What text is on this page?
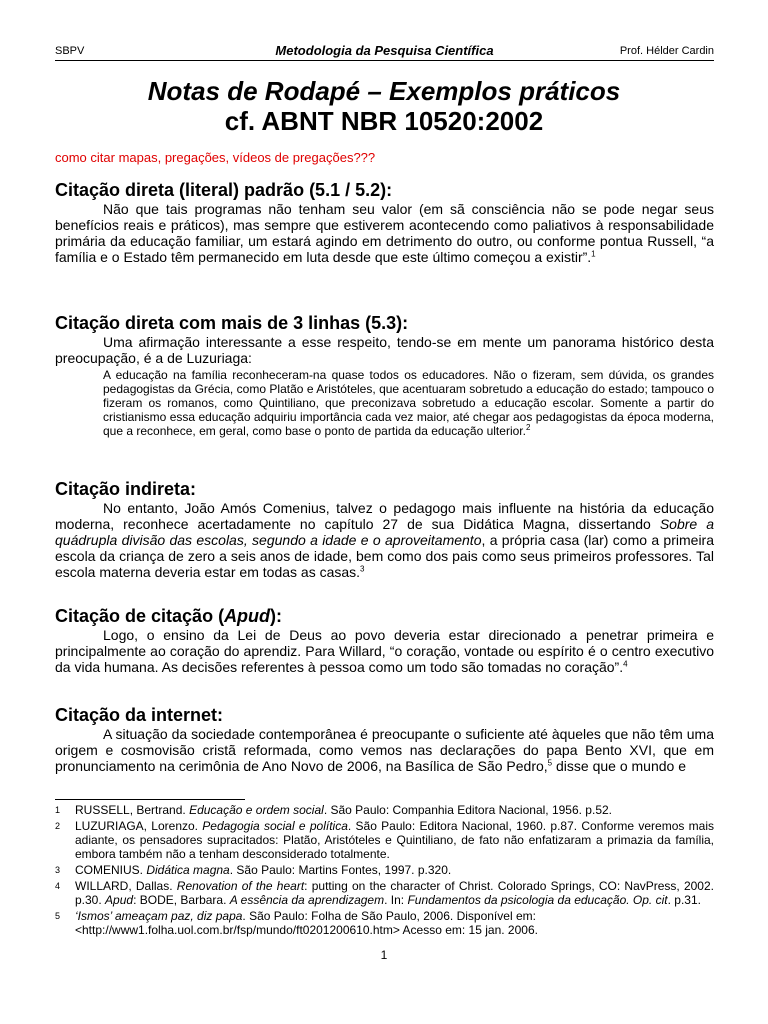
SBPV	Metodologia da Pesquisa Científica	Prof. Hélder Cardin
Notas de Rodapé – Exemplos práticos
cf. ABNT NBR 10520:2002
como citar mapas, pregações, vídeos de pregações???
Citação direta (literal) padrão (5.1 / 5.2):

Não que tais programas não tenham seu valor (em sã consciência não se pode negar seus benefícios reais e práticos), mas sempre que estiverem acontecendo como paliativos à responsabilidade primária da educação familiar, um estará agindo em detrimento do outro, ou conforme pontua Russell, “a família e o Estado têm permanecido em luta desde que este último começou a existir”.$^1$

Citação direta com mais de 3 linhas (5.3):

Uma afirmação interessante a esse respeito, tendo-se em mente um panorama histórico desta preocupação, é a de Luzuriaga:

A educação na família reconheceram-na quase todos os educadores. Não o fizeram, sem dúvida, os grandes pedagogistas da Grécia, como Platão e Aristóteles, que acentuaram sobretudo a educação do estado; tampouco o fizeram os romanos, como Quintiliano, que preconizava sobretudo a educação escolar. Somente a partir do cristianismo essa educação adquiriu importância cada vez maior, até chegar aos pedagogistas da época moderna, que a reconhece, em geral, como base o ponto de partida da educação ulterior.$^2$

Citação indireta:

No entanto, João Amós Comenius, talvez o pedagogo mais influente na história da educação moderna, reconhece acertadamente no capítulo 27 de sua Didática Magna, dissertando Sobre a quádrupla divisão das escolas, segundo a idade e o aproveitamento, a própria casa (lar) como a primeira escola da criança de zero a seis anos de idade, bem como dos pais como seus primeiros professores. Tal escola materna deveria estar em todas as casas.$^3$

Citação de citação (Apud):

Logo, o ensino da Lei de Deus ao povo deveria estar direcionado a penetrar primeira e principalmente ao coração do aprendiz. Para Willard, “o coração, vontade ou espírito é o centro executivo da vida humana. As decisões referentes à pessoa como um todo são tomadas no coração”.$^4$

Citação da internet:

A situação da sociedade contemporânea é preocupante o suficiente até àqueles que não têm uma origem e cosmovisão cristã reformada, como vemos nas declarações do papa Bento XVI, que em pronunciamento na cerimônia de Ano Novo de 2006, na Basílica de São Pedro,$^5$ disse que o mundo e

1	RUSSELL, Bertrand. Educação e ordem social. São Paulo: Companhia Editora Nacional, 1956. p.52.
2	LUZURIAGA, Lorenzo. Pedagogia social e política. São Paulo: Editora Nacional, 1960. p.87. Conforme veremos mais adiante, os pensadores supracitados: Platão, Aristóteles e Quintiliano, de fato não enfatizaram a primazia da família, embora também não a tenham desconsiderado totalmente.
3	COMENIUS. Didática magna. São Paulo: Martins Fontes, 1997. p.320.
4	WILLARD, Dallas. Renovation of the heart: putting on the character of Christ. Colorado Springs, CO: NavPress, 2002. p.30. Apud: BODE, Barbara. A essência da aprendizagem. In: Fundamentos da psicologia da educação. Op. cit. p.31.
5	‘Ismos’ ameaçam paz, diz papa. São Paulo: Folha de São Paulo, 2006. Disponível em:
<http://www1.folha.uol.com.br/fsp/mundo/ft0201200610.htm> Acesso em: 15 jan. 2006.
1
